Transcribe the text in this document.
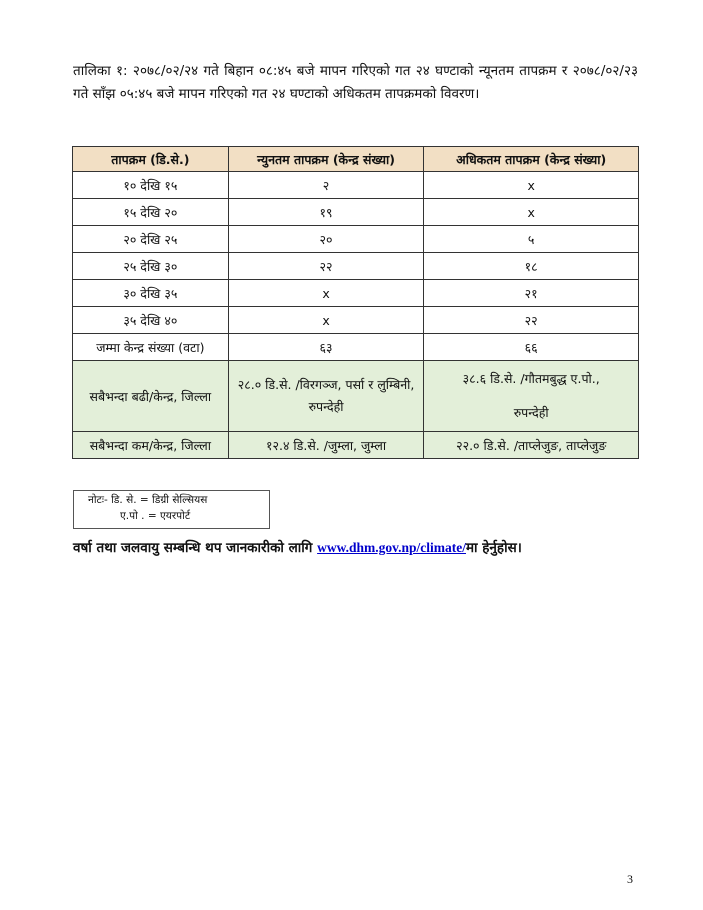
तालिका १: २०७८/०२/२४ गते बिहान ०८:४५ बजे मापन गरिएको गत २४ घण्टाको न्यूनतम तापक्रम र २०७८/०२/२३ गते साँझ ०५:४५ बजे मापन गरिएको गत २४ घण्टाको अधिकतम तापक्रमको विवरण।
तापक्रम (डि.से.)	न्युनतम तापक्रम (केन्द्र संख्या)	अधिकतम तापक्रम (केन्द्र संख्या)
१० देखि १५	२	x
१५ देखि २०	१९	x
२० देखि २५	२०	५
२५ देखि ३०	२२	१८
३० देखि ३५	x	२१
३५ देखि ४०	x	२२
जम्मा केन्द्र संख्या (वटा)	६३	६६
सबैभन्दा बढी/केन्द्र, जिल्ला	२८.० डि.से. /विरगञ्ज, पर्सा र लुम्बिनी, रुपन्देही	३८.६ डि.से. /गौतमबुद्ध ए.पो.,
रुपन्देही

सबैभन्दा कम/केन्द्र, जिल्ला	१२.४ डि.से. /जुम्ला, जुम्ला	२२.० डि.से. /ताप्लेजुङ, ताप्लेजुङ
नोटः- डि. से. = डिग्री सेल्सियस
ए.पो . = एयरपोर्ट
वर्षा तथा जलवायु सम्बन्धि थप जानकारीको लागि www.dhm.gov.np/climate/मा हेर्नुहोस।
3
